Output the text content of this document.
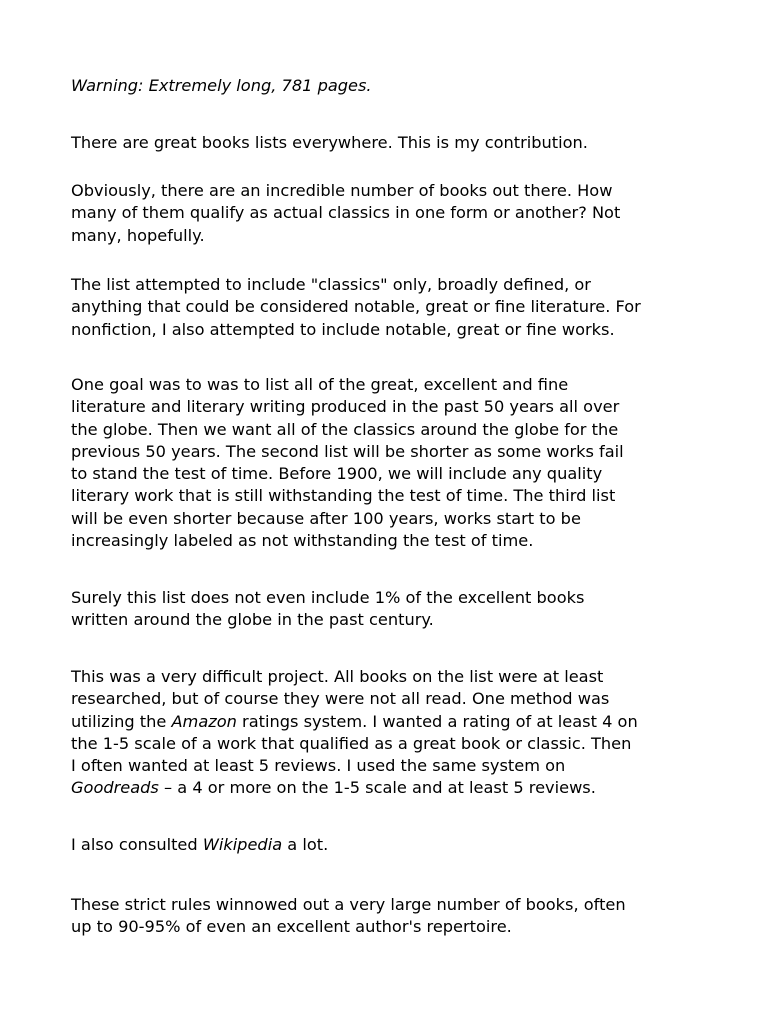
Warning: Extremely long, 781 pages.

There are great books lists everywhere. This is my contribution.

Obviously, there are an incredible number of books out there. How
many of them qualify as actual classics in one form or another? Not
many, hopefully.

The list attempted to include "classics" only, broadly defined, or
anything that could be considered notable, great or fine literature. For
nonfiction, I also attempted to include notable, great or fine works.

One goal was to was to list all of the great, excellent and fine
literature and literary writing produced in the past 50 years all over
the globe. Then we want all of the classics around the globe for the
previous 50 years. The second list will be shorter as some works fail
to stand the test of time. Before 1900, we will include any quality
literary work that is still withstanding the test of time. The third list
will be even shorter because after 100 years, works start to be
increasingly labeled as not withstanding the test of time.

Surely this list does not even include 1% of the excellent books
written around the globe in the past century.

This was a very difficult project. All books on the list were at least
researched, but of course they were not all read. One method was
utilizing the Amazon ratings system. I wanted a rating of at least 4 on
the 1-5 scale of a work that qualified as a great book or classic. Then
I often wanted at least 5 reviews. I used the same system on
Goodreads – a 4 or more on the 1-5 scale and at least 5 reviews.

I also consulted Wikipedia a lot.

These strict rules winnowed out a very large number of books, often
up to 90-95% of even an excellent author's repertoire.
